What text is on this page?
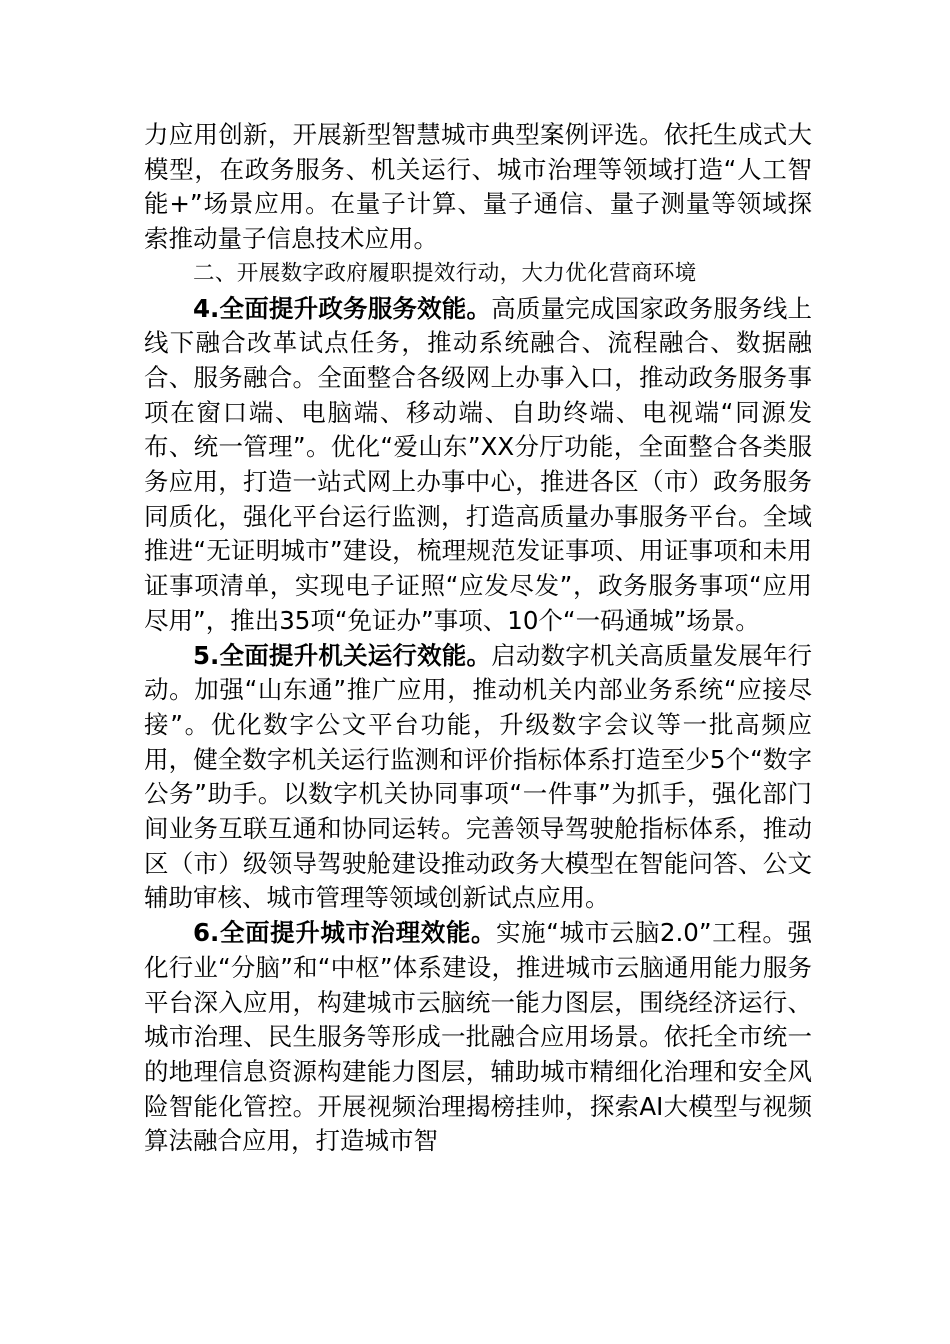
力应用创新，开展新型智慧城市典型案例评选。依托生成式大模型，在政务服务、机关运行、城市治理等领域打造“人工智能+”场景应用。在量子计算、量子通信、量子测量等领域探索推动量子信息技术应用。

二、开展数字政府履职提效行动，大力优化营商环境

4.全面提升政务服务效能。高质量完成国家政务服务线上线下融合改革试点任务，推动系统融合、流程融合、数据融合、服务融合。全面整合各级网上办事入口，推动政务服务事项在窗口端、电脑端、移动端、自助终端、电视端“同源发布、统一管理”。优化“爱山东”XX分厅功能，全面整合各类服务应用，打造一站式网上办事中心，推进各区（市）政务服务同质化，强化平台运行监测，打造高质量办事服务平台。全域推进“无证明城市”建设，梳理规范发证事项、用证事项和未用证事项清单，实现电子证照“应发尽发”，政务服务事项“应用尽用”，推出35项“免证办”事项、10个“一码通城”场景。

5.全面提升机关运行效能。启动数字机关高质量发展年行动。加强“山东通”推广应用，推动机关内部业务系统“应接尽接”。优化数字公文平台功能，升级数字会议等一批高频应用，健全数字机关运行监测和评价指标体系打造至少5个“数字公务”助手。以数字机关协同事项“一件事”为抓手，强化部门间业务互联互通和协同运转。完善领导驾驶舱指标体系，推动区（市）级领导驾驶舱建设推动政务大模型在智能问答、公文辅助审核、城市管理等领域创新试点应用。

6.全面提升城市治理效能。实施“城市云脑2.0”工程。强化行业“分脑”和“中枢”体系建设，推进城市云脑通用能力服务平台深入应用，构建城市云脑统一能力图层，围绕经济运行、城市治理、民生服务等形成一批融合应用场景。依托全市统一的地理信息资源构建能力图层，辅助城市精细化治理和安全风险智能化管控。开展视频治理揭榜挂帅，探索AI大模型与视频算法融合应用，打造城市智
